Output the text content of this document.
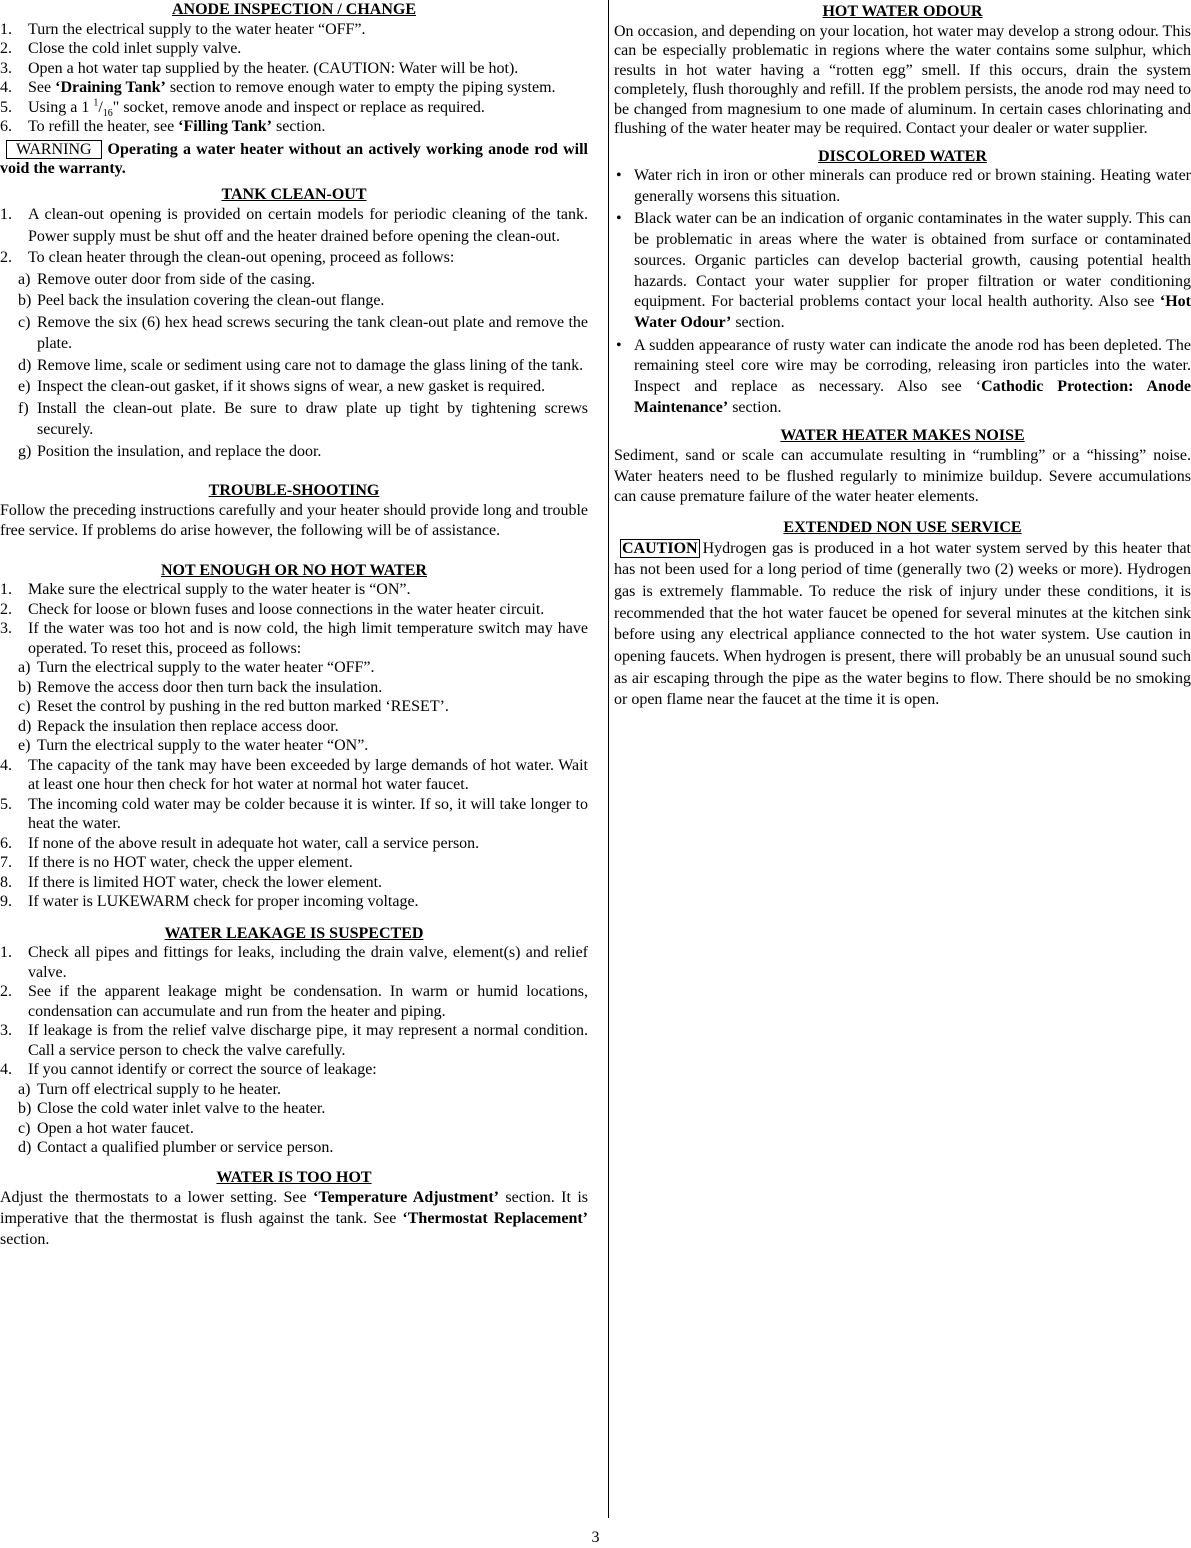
ANODE INSPECTION / CHANGE
1. Turn the electrical supply to the water heater “OFF”.
2. Close the cold inlet supply valve.
3. Open a hot water tap supplied by the heater. (CAUTION: Water will be hot).
4. See ‘Draining Tank’ section to remove enough water to empty the piping system.
5. Using a 1 $^1/_{16}$" socket, remove anode and inspect or replace as required.
6. To refill the heater, see ‘Filling Tank’ section.

WARNING Operating a water heater without an actively working anode rod will void the warranty.

TANK CLEAN-OUT
1. A clean-out opening is provided on certain models for periodic cleaning of the tank. Power supply must be shut off and the heater drained before opening the clean-out.
2. To clean heater through the clean-out opening, proceed as follows:
a) Remove outer door from side of the casing.
b) Peel back the insulation covering the clean-out flange.
c) Remove the six (6) hex head screws securing the tank clean-out plate and remove the plate.
d) Remove lime, scale or sediment using care not to damage the glass lining of the tank.
e) Inspect the clean-out gasket, if it shows signs of wear, a new gasket is required.
f) Install the clean-out plate. Be sure to draw plate up tight by tightening screws securely.
g) Position the insulation, and replace the door.
TROUBLE-SHOOTING

Follow the preceding instructions carefully and your heater should provide long and trouble free service. If problems do arise however, the following will be of assistance.

NOT ENOUGH OR NO HOT WATER
1. Make sure the electrical supply to the water heater is “ON”.
2. Check for loose or blown fuses and loose connections in the water heater circuit.
3. If the water was too hot and is now cold, the high limit temperature switch may have operated. To reset this, proceed as follows:
a) Turn the electrical supply to the water heater “OFF”.
b) Remove the access door then turn back the insulation.
c) Reset the control by pushing in the red button marked ‘RESET’.
d) Repack the insulation then replace access door.
e) Turn the electrical supply to the water heater “ON”.
4. The capacity of the tank may have been exceeded by large demands of hot water. Wait at least one hour then check for hot water at normal hot water faucet.
5. The incoming cold water may be colder because it is winter. If so, it will take longer to heat the water.
6. If none of the above result in adequate hot water, call a service person.
7. If there is no HOT water, check the upper element.
8. If there is limited HOT water, check the lower element.
9. If water is LUKEWARM check for proper incoming voltage.
WATER LEAKAGE IS SUSPECTED
1. Check all pipes and fittings for leaks, including the drain valve, element(s) and relief valve.
2. See if the apparent leakage might be condensation. In warm or humid locations, condensation can accumulate and run from the heater and piping.
3. If leakage is from the relief valve discharge pipe, it may represent a normal condition. Call a service person to check the valve carefully.
4. If you cannot identify or correct the source of leakage:
a) Turn off electrical supply to he heater.
b) Close the cold water inlet valve to the heater.
c) Open a hot water faucet.
d) Contact a qualified plumber or service person.
WATER IS TOO HOT

Adjust the thermostats to a lower setting. See ‘Temperature Adjustment’ section. It is imperative that the thermostat is flush against the tank. See ‘Thermostat Replacement’ section.

HOT WATER ODOUR

On occasion, and depending on your location, hot water may develop a strong odour. This can be especially problematic in regions where the water contains some sulphur, which results in hot water having a “rotten egg” smell. If this occurs, drain the system completely, flush thoroughly and refill. If the problem persists, the anode rod may need to be changed from magnesium to one made of aluminum. In certain cases chlorinating and flushing of the water heater may be required. Contact your dealer or water supplier.

DISCOLORED WATER
• Water rich in iron or other minerals can produce red or brown staining. Heating water generally worsens this situation.
• Black water can be an indication of organic contaminates in the water supply. This can be problematic in areas where the water is obtained from surface or contaminated sources. Organic particles can develop bacterial growth, causing potential health hazards. Contact your water supplier for proper filtration or water conditioning equipment. For bacterial problems contact your local health authority. Also see ‘Hot Water Odour’ section.
• A sudden appearance of rusty water can indicate the anode rod has been depleted. The remaining steel core wire may be corroding, releasing iron particles into the water. Inspect and replace as necessary. Also see ‘Cathodic Protection: Anode Maintenance’ section.
WATER HEATER MAKES NOISE

Sediment, sand or scale can accumulate resulting in “rumbling” or a “hissing” noise. Water heaters need to be flushed regularly to minimize buildup. Severe accumulations can cause premature failure of the water heater elements.

EXTENDED NON USE SERVICE

CAUTION Hydrogen gas is produced in a hot water system served by this heater that has not been used for a long period of time (generally two (2) weeks or more). Hydrogen gas is extremely flammable. To reduce the risk of injury under these conditions, it is recommended that the hot water faucet be opened for several minutes at the kitchen sink before using any electrical appliance connected to the hot water system. Use caution in opening faucets. When hydrogen is present, there will probably be an unusual sound such as air escaping through the pipe as the water begins to flow. There should be no smoking or open flame near the faucet at the time it is open.

3
